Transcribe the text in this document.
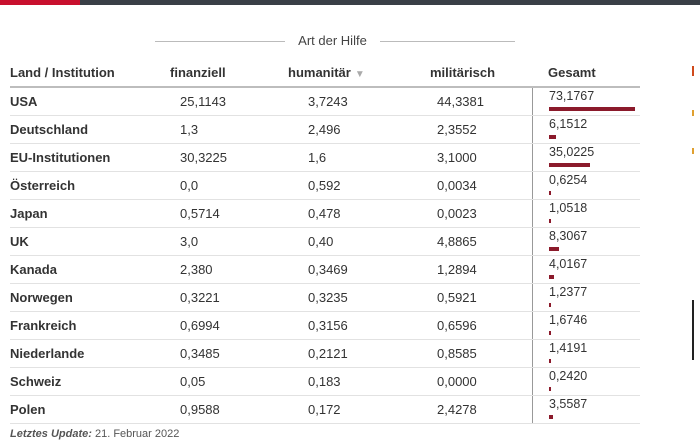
Art der Hilfe
Land / Institution	finanziell	humanitär ▼	militärisch	Gesamt
USA	25,1143	3,7243	44,3381	73,1767
Deutschland	1,3	2,496	2,3552	6,1512
EU-Institutionen	30,3225	1,6	3,1000	35,0225
Österreich	0,0	0,592	0,0034	0,6254
Japan	0,5714	0,478	0,0023	1,0518
UK	3,0	0,40	4,8865	8,3067
Kanada	2,380	0,3469	1,2894	4,0167
Norwegen	0,3221	0,3235	0,5921	1,2377
Frankreich	0,6994	0,3156	0,6596	1,6746
Niederlande	0,3485	0,2121	0,8585	1,4191
Schweiz	0,05	0,183	0,0000	0,2420
Polen	0,9588	0,172	2,4278	3,5587
Letztes Update: 21. Februar 2022
